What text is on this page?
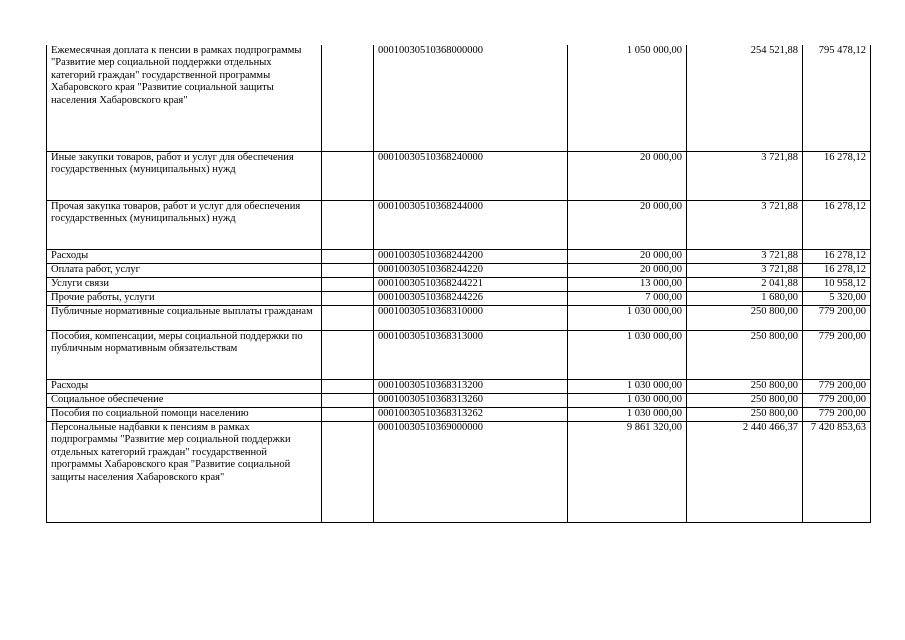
Ежемесячная доплата к пенсии в рамках подпрограммы "Развитие мер социальной поддержки отдельных категорий граждан" государственной программы Хабаровского края "Развитие социальной защиты населения Хабаровского края"		00010030510368000000	1 050 000,00	254 521,88	795 478,12
Иные закупки товаров, работ и услуг для обеспечения государственных (муниципальных) нужд		00010030510368240000	20 000,00	3 721,88	16 278,12
Прочая закупка товаров, работ и услуг для обеспечения государственных (муниципальных) нужд		00010030510368244000	20 000,00	3 721,88	16 278,12
Расходы		00010030510368244200	20 000,00	3 721,88	16 278,12
Оплата работ, услуг		00010030510368244220	20 000,00	3 721,88	16 278,12
Услуги связи		00010030510368244221	13 000,00	2 041,88	10 958,12
Прочие работы, услуги		00010030510368244226	7 000,00	1 680,00	5 320,00
Публичные нормативные социальные выплаты гражданам		00010030510368310000	1 030 000,00	250 800,00	779 200,00
Пособия, компенсации, меры социальной поддержки по публичным нормативным обязательствам		00010030510368313000	1 030 000,00	250 800,00	779 200,00
Расходы		00010030510368313200	1 030 000,00	250 800,00	779 200,00
Социальное обеспечение		00010030510368313260	1 030 000,00	250 800,00	779 200,00
Пособия по социальной помощи населению		00010030510368313262	1 030 000,00	250 800,00	779 200,00
Персональные надбавки к пенсиям в рамках подпрограммы "Развитие мер социальной поддержки отдельных категорий граждан" государственной программы Хабаровского края "Развитие социальной защиты населения Хабаровского края"		00010030510369000000	9 861 320,00	2 440 466,37	7 420 853,63
